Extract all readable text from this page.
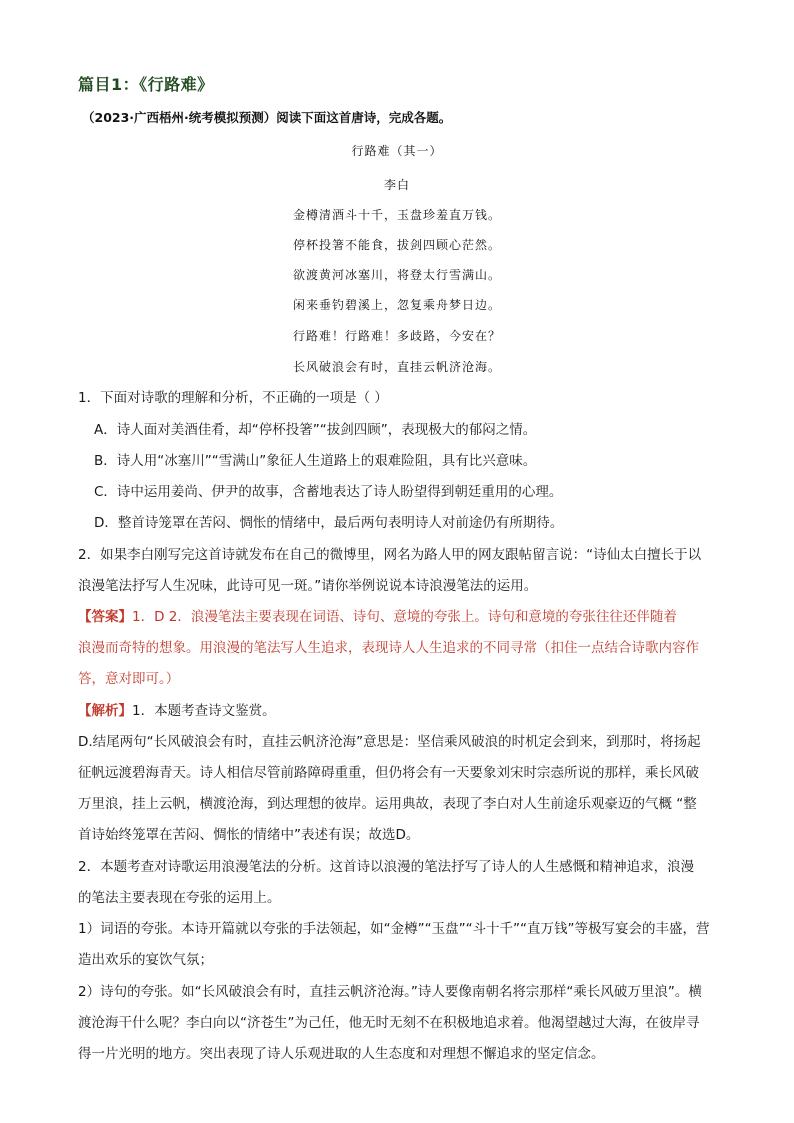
篇目1：《行路难》
（2023·广西梧州·统考模拟预测）阅读下面这首唐诗，完成各题。
行路难（其一）
李白
金樽清酒斗十千，玉盘珍羞直万钱。
停杯投箸不能食，拔剑四顾心茫然。
欲渡黄河冰塞川，将登太行雪满山。
闲来垂钓碧溪上，忽复乘舟梦日边。
行路难！行路难！多歧路，今安在？
长风破浪会有时，直挂云帆济沧海。
1．下面对诗歌的理解和分析，不正确的一项是（ ）
A．诗人面对美酒佳肴，却“停杯投箸”“拔剑四顾”，表现极大的郁闷之情。
B．诗人用“冰塞川”“雪满山”象征人生道路上的艰难险阻，具有比兴意味。
C．诗中运用姜尚、伊尹的故事，含蓄地表达了诗人盼望得到朝廷重用的心理。
D．整首诗笼罩在苦闷、惆怅的情绪中，最后两句表明诗人对前途仍有所期待。
2．如果李白刚写完这首诗就发布在自己的微博里，网名为路人甲的网友跟帖留言说：“诗仙太白擅长于以
浪漫笔法抒写人生况味，此诗可见一斑。”请你举例说说本诗浪漫笔法的运用。
【答案】1．D 2．浪漫笔法主要表现在词语、诗句、意境的夸张上。诗句和意境的夸张往往还伴随着
浪漫而奇特的想象。用浪漫的笔法写人生追求，表现诗人人生追求的不同寻常（扣住一点结合诗歌内容作
答，意对即可。）
【解析】1．本题考查诗文鉴赏。
D.结尾两句“长风破浪会有时，直挂云帆济沧海”意思是：坚信乘风破浪的时机定会到来，到那时，将扬起
征帆远渡碧海青天。诗人相信尽管前路障碍重重，但仍将会有一天要象刘宋时宗悫所说的那样，乘长风破
万里浪，挂上云帆，横渡沧海，到达理想的彼岸。运用典故，表现了李白对人生前途乐观豪迈的气概 “整
首诗始终笼罩在苦闷、惆怅的情绪中”表述有误；故选D。
2．本题考查对诗歌运用浪漫笔法的分析。这首诗以浪漫的笔法抒写了诗人的人生感慨和精神追求，浪漫
的笔法主要表现在夸张的运用上。
1）词语的夸张。本诗开篇就以夸张的手法领起，如“金樽”“玉盘”“斗十千”“直万钱”等极写宴会的丰盛，营
造出欢乐的宴饮气氛；
2）诗句的夸张。如“长风破浪会有时，直挂云帆济沧海。”诗人要像南朝名将宗那样“乘长风破万里浪”。横
渡沧海干什么呢？李白向以“济苍生”为己任，他无时无刻不在积极地追求着。他渴望越过大海，在彼岸寻
得一片光明的地方。突出表现了诗人乐观进取的人生态度和对理想不懈追求的坚定信念。
